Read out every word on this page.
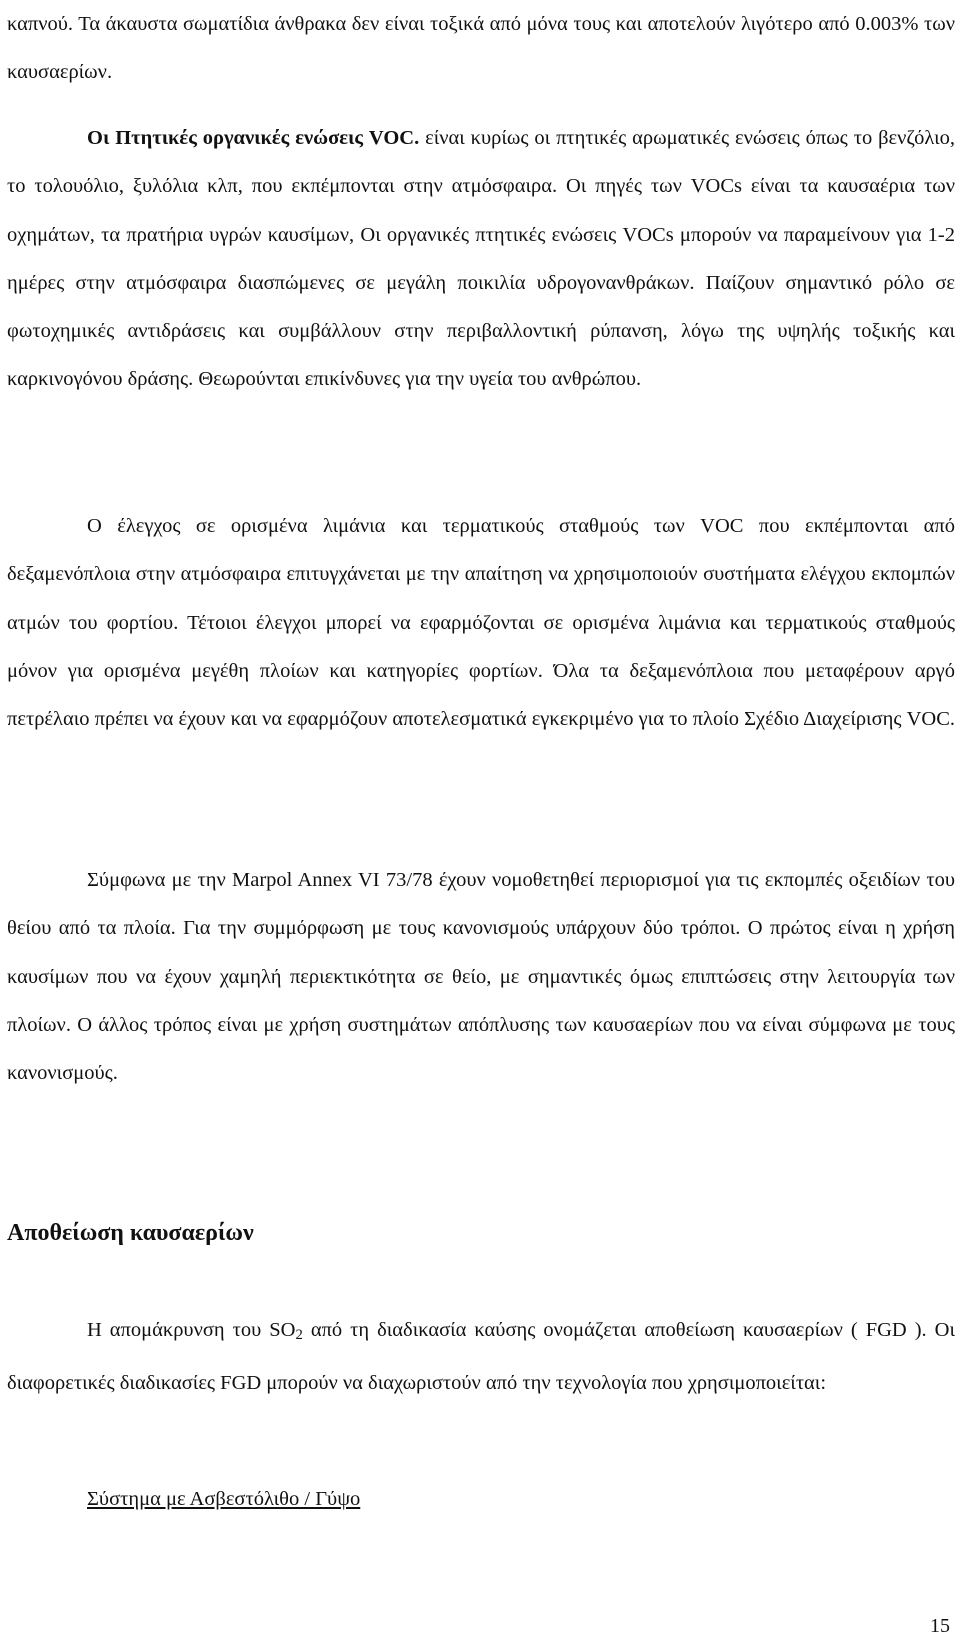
καπνού. Τα άκαυστα σωματίδια άνθρακα δεν είναι τοξικά από μόνα τους και αποτελούν λιγότερο από 0.003% των καυσαερίων.

Οι Πτητικές οργανικές ενώσεις VOC. είναι κυρίως οι πτητικές αρωματικές ενώσεις όπως το βενζόλιο, το τολουόλιο, ξυλόλια κλπ, που εκπέμπονται στην ατμόσφαιρα. Οι πηγές των VOCs είναι τα καυσαέρια των οχημάτων, τα πρατήρια υγρών καυσίμων, Οι οργανικές πτητικές ενώσεις VOCs μπορούν να παραμείνουν για 1-2 ημέρες στην ατμόσφαιρα διασπώμενες σε μεγάλη ποικιλία υδρογονανθράκων. Παίζουν σημαντικό ρόλο σε φωτοχημικές αντιδράσεις και συμβάλλουν στην περιβαλλοντική ρύπανση, λόγω της υψηλής τοξικής και καρκινογόνου δράσης. Θεωρούνται επικίνδυνες για την υγεία του ανθρώπου.

Ο έλεγχος σε ορισμένα λιμάνια και τερματικούς σταθμούς των VOC που εκπέμπονται από δεξαμενόπλοια στην ατμόσφαιρα επιτυγχάνεται με την απαίτηση να χρησιμοποιούν συστήματα ελέγχου εκπομπών ατμών του φορτίου. Τέτοιοι έλεγχοι μπορεί να εφαρμόζονται σε ορισμένα λιμάνια και τερματικούς σταθμούς μόνον για ορισμένα μεγέθη πλοίων και κατηγορίες φορτίων. Όλα τα δεξαμενόπλοια που μεταφέρουν αργό πετρέλαιο πρέπει να έχουν και να εφαρμόζουν αποτελεσματικά εγκεκριμένο για το πλοίο Σχέδιο Διαχείρισης VOC.

Σύμφωνα με την Marpol Annex VI 73/78 έχουν νομοθετηθεί περιορισμοί για τις εκπομπές οξειδίων του θείου από τα πλοία. Για την συμμόρφωση με τους κανονισμούς υπάρχουν δύο τρόποι. Ο πρώτος είναι η χρήση καυσίμων που να έχουν χαμηλή περιεκτικότητα σε θείο, με σημαντικές όμως επιπτώσεις στην λειτουργία των πλοίων. Ο άλλος τρόπος είναι με χρήση συστημάτων απόπλυσης των καυσαερίων που να είναι σύμφωνα με τους κανονισμούς.

Αποθείωση καυσαερίων

Η απομάκρυνση του $SO_2$ από τη διαδικασία καύσης ονομάζεται αποθείωση καυσαερίων ( FGD ). Οι διαφορετικές διαδικασίες FGD μπορούν να διαχωριστούν από την τεχνολογία που χρησιμοποιείται:

Σύστημα με Ασβεστόλιθο / Γύψο

15
